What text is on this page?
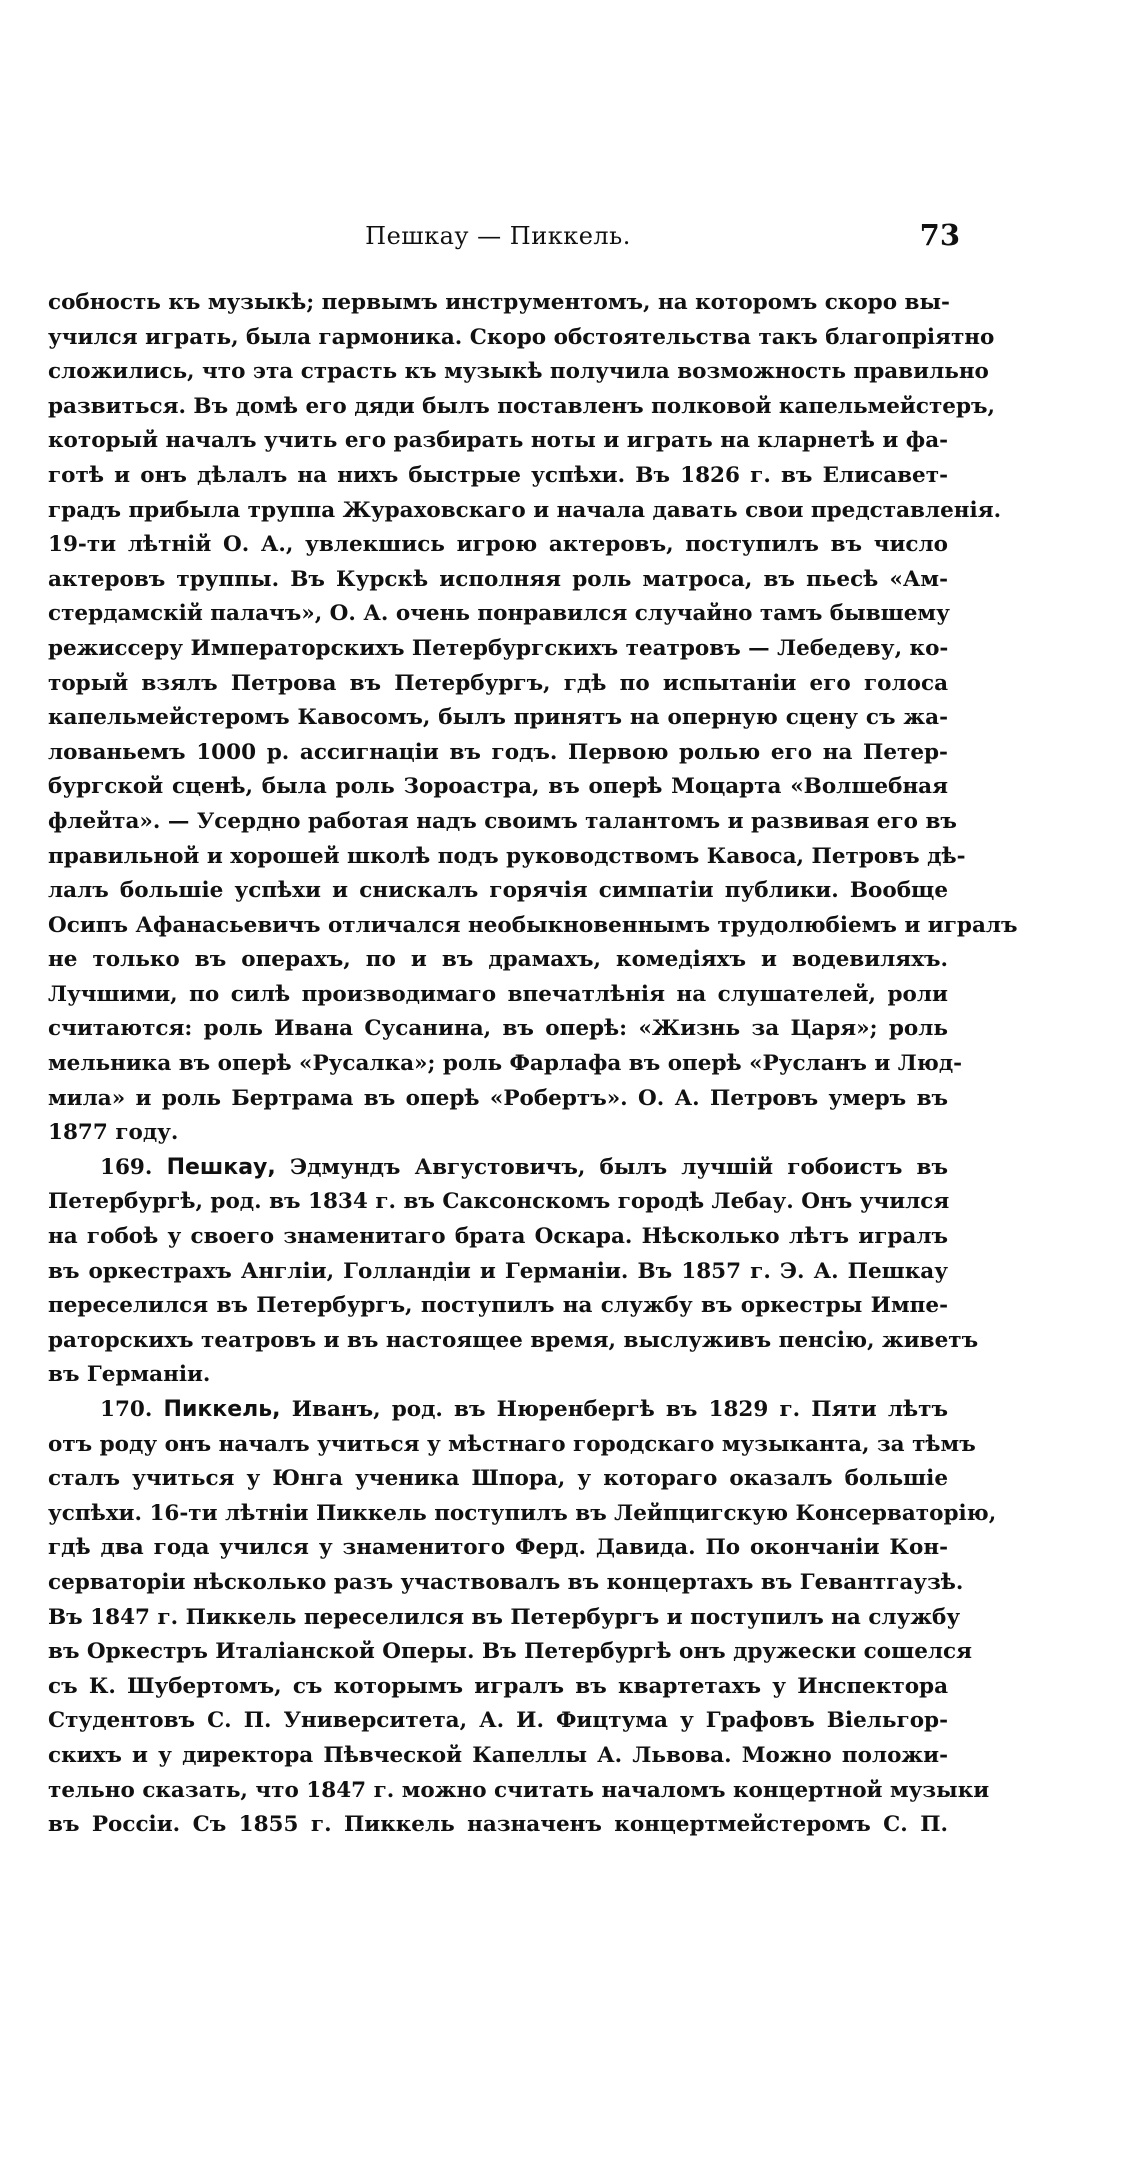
Пешкау — Пиккель.	73
собность къ музыкѣ; первымъ инструментомъ, на которомъ скоро вы-
учился играть, была гармоника. Скоро обстоятельства такъ благопріятно
сложились, что эта страсть къ музыкѣ получила возможность правильно
развиться. Въ домѣ его дяди былъ поставленъ полковой капельмейстеръ,
который началъ учить его разбирать ноты и играть на кларнетѣ и фа-
готѣ и онъ дѣлалъ на нихъ быстрые успѣхи. Въ 1826 г. въ Елисавет-
градъ прибыла труппа Жураховскаго и начала давать свои представленія.
19-ти лѣтній О. А., увлекшись игрою актеровъ, поступилъ въ число
актеровъ труппы. Въ Курскѣ исполняя роль матроса, въ пьесѣ «Ам-
стердамскій палачъ», О. А. очень понравился случайно тамъ бывшему
режиссеру Императорскихъ Петербургскихъ театровъ — Лебедеву, ко-
торый взялъ Петрова въ Петербургъ, гдѣ по испытаніи его голоса
капельмейстеромъ Кавосомъ, былъ принятъ на оперную сцену съ жа-
лованьемъ 1000 р. ассигнаціи въ годъ. Первою ролью его на Петер-
бургской сценѣ, была роль Зороастра, въ оперѣ Моцарта «Волшебная
флейта». — Усердно работая надъ своимъ талантомъ и развивая его въ
правильной и хорошей школѣ подъ руководствомъ Кавоса, Петровъ дѣ-
лалъ большіе успѣхи и снискалъ горячія симпатіи публики. Вообще
Осипъ Афанасьевичъ отличался необыкновеннымъ трудолюбіемъ и игралъ
не только въ операхъ, по и въ драмахъ, комедіяхъ и водевиляхъ.
Лучшими, по силѣ производимаго впечатлѣнія на слушателей, роли
считаются: роль Ивана Сусанина, въ оперѣ: «Жизнь за Царя»; роль
мельника въ оперѣ «Русалка»; роль Фарлафа въ оперѣ «Русланъ и Люд-
мила» и роль Бертрама въ оперѣ «Робертъ». О. А. Петровъ умеръ въ
1877 году.
169. Пешкау, Эдмундъ Августовичъ, былъ лучшій гобоистъ въ
Петербургѣ, род. въ 1834 г. въ Саксонскомъ городѣ Лебау. Онъ учился
на гобоѣ у своего знаменитаго брата Оскара. Нѣсколько лѣтъ игралъ
въ оркестрахъ Англіи, Голландіи и Германіи. Въ 1857 г. Э. А. Пешкау
переселился въ Петербургъ, поступилъ на службу въ оркестры Импе-
раторскихъ театровъ и въ настоящее время, выслуживъ пенсію, живетъ
въ Германіи.
170. Пиккель, Иванъ, род. въ Нюренбергѣ въ 1829 г. Пяти лѣтъ
отъ роду онъ началъ учиться у мѣстнаго городскаго музыканта, за тѣмъ
сталъ учиться у Юнга ученика Шпора, у котораго оказалъ большіе
успѣхи. 16-ти лѣтніи Пиккель поступилъ въ Лейпцигскую Консерваторію,
гдѣ два года учился у знаменитого Ферд. Давида. По окончаніи Кон-
серваторіи нѣсколько разъ участвовалъ въ концертахъ въ Гевантгаузѣ.
Въ 1847 г. Пиккель переселился въ Петербургъ и поступилъ на службу
въ Оркестръ Италіанской Оперы. Въ Петербургѣ онъ дружески сошелся
съ К. Шубертомъ, съ которымъ игралъ въ квартетахъ у Инспектора
Студентовъ С. П. Университета, А. И. Фицтума у Графовъ Віельгор-
скихъ и у директора Пѣвческой Капеллы А. Львова. Можно положи-
тельно сказать, что 1847 г. можно считать началомъ концертной музыки
въ Россіи. Съ 1855 г. Пиккель назначенъ концертмейстеромъ С. П.
